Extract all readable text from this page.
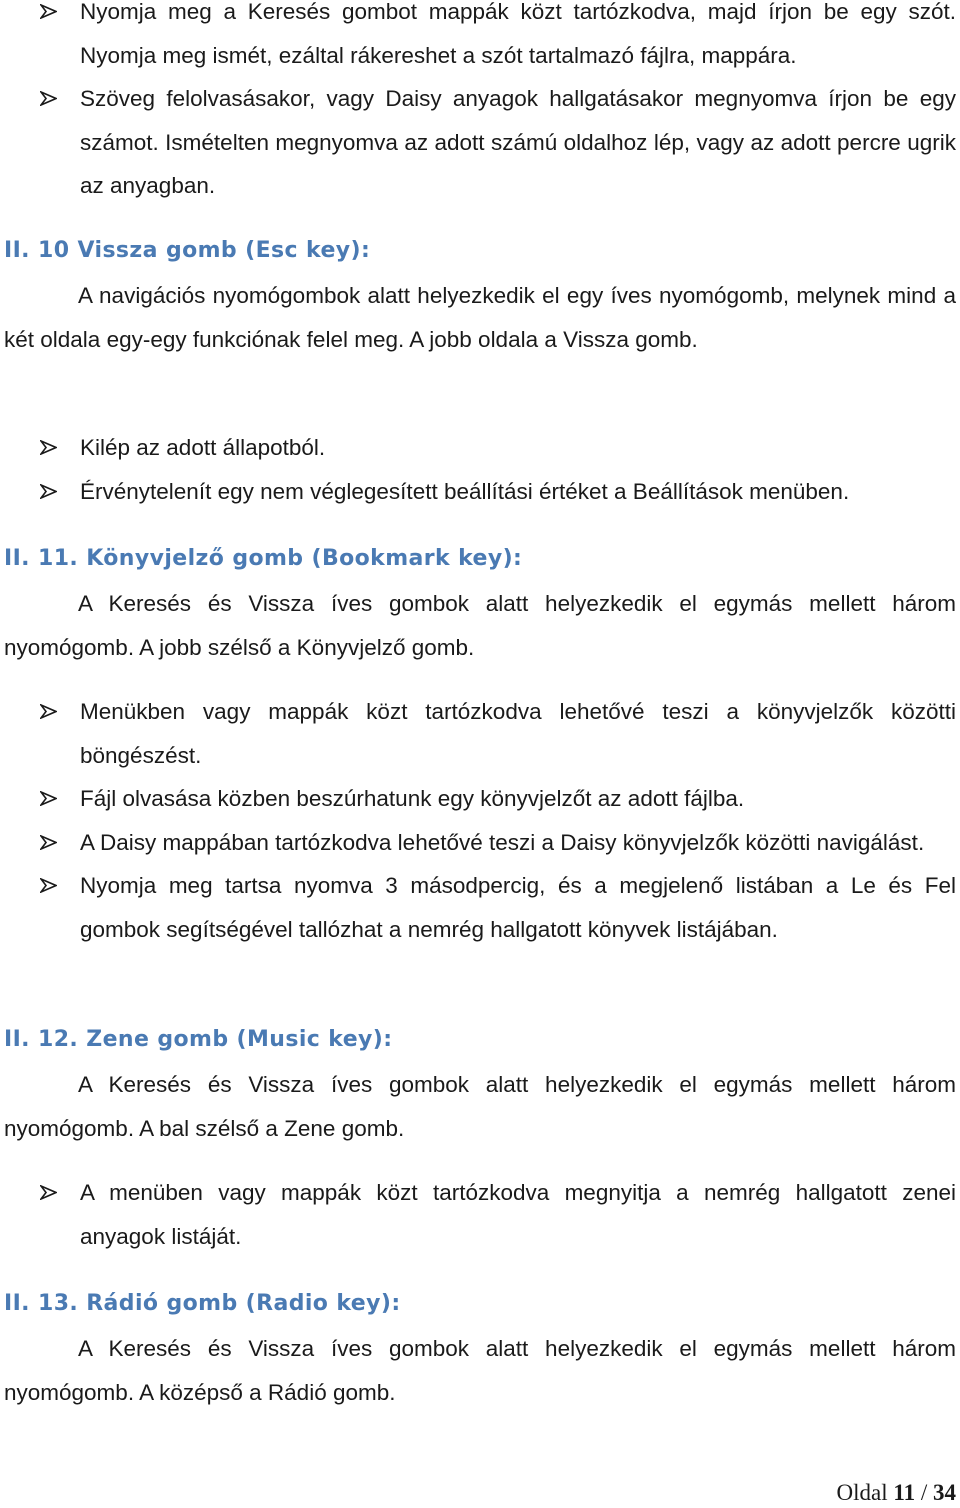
Nyomja meg a Keresés gombot mappák közt tartózkodva, majd írjon be egy szót. Nyomja meg ismét, ezáltal rákereshet a szót tartalmazó fájlra, mappára.
Szöveg felolvasásakor, vagy Daisy anyagok hallgatásakor megnyomva írjon be egy számot. Ismételten megnyomva az adott számú oldalhoz lép, vagy az adott percre ugrik az anyagban.
II. 10 Vissza gomb (Esc key):
A navigációs nyomógombok alatt helyezkedik el egy íves nyomógomb, melynek mind a két oldala egy-egy funkciónak felel meg. A jobb oldala a Vissza gomb.
Kilép az adott állapotból.
Érvénytelenít egy nem véglegesített beállítási értéket a Beállítások menüben.
II. 11. Könyvjelző gomb (Bookmark key):
A Keresés és Vissza íves gombok alatt helyezkedik el egymás mellett három nyomógomb. A jobb szélső a Könyvjelző gomb.
Menükben vagy mappák közt tartózkodva lehetővé teszi a könyvjelzők közötti böngészést.
Fájl olvasása közben beszúrhatunk egy könyvjelzőt az adott fájlba.
A Daisy mappában tartózkodva lehetővé teszi a Daisy könyvjelzők közötti navigálást.
Nyomja meg tartsa nyomva 3 másodpercig, és a megjelenő listában a Le és Fel gombok segítségével tallózhat a nemrég hallgatott könyvek listájában.
II. 12. Zene gomb (Music key):
A Keresés és Vissza íves gombok alatt helyezkedik el egymás mellett három nyomógomb. A bal szélső a Zene gomb.
A menüben vagy mappák közt tartózkodva megnyitja a nemrég hallgatott zenei anyagok listáját.
II. 13. Rádió gomb (Radio key):
A Keresés és Vissza íves gombok alatt helyezkedik el egymás mellett három nyomógomb. A középső a Rádió gomb.
Oldal 11 / 34
